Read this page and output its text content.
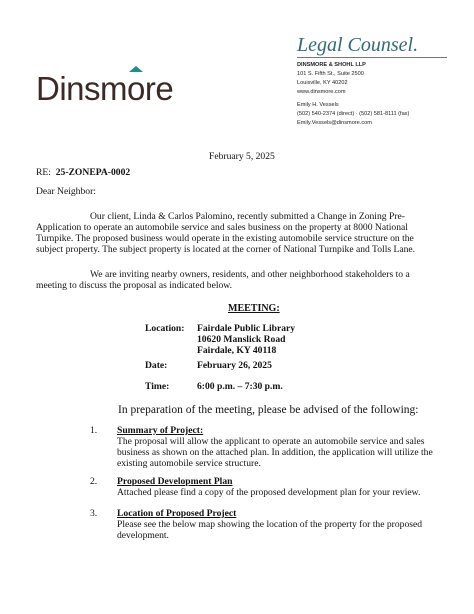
Dinsm
ore
Legal Counsel.
DINSMORE & SHOHL LLP
101 S. Fifth St., Suite 2500
Louisville, KY 40202
www.dinsmore.com
Emily H. Vessels
(502) 540-2374 (direct) · (502) 581-8111 (fax)
Emily.Vessels@dinsmore.com
February 5, 2025
RE: 25-ZONEPA-0002
Dear Neighbor:
Our client, Linda & Carlos Palomino, recently submitted a Change in Zoning Pre-Application to operate an automobile service and sales business on the property at 8000 National Turnpike. The proposed business would operate in the existing automobile service structure on the subject property. The subject property is located at the corner of National Turnpike and Tolls Lane.
We are inviting nearby owners, residents, and other neighborhood stakeholders to a meeting to discuss the proposal as indicated below.
MEETING:
Location: Fairdale Public Library
10620 Manslick Road
Fairdale, KY 40118
Date:	February 26, 2025
Time:	6:00 p.m. – 7:30 p.m.
In preparation of the meeting, please be advised of the following:
1. Summary of Project:
The proposal will allow the applicant to operate an automobile service and sales business as shown on the attached plan. In addition, the application will utilize the existing automobile service structure.
2. Proposed Development Plan
Attached please find a copy of the proposed development plan for your review.
3. Location of Proposed Project
Please see the below map showing the location of the property for the proposed development.
